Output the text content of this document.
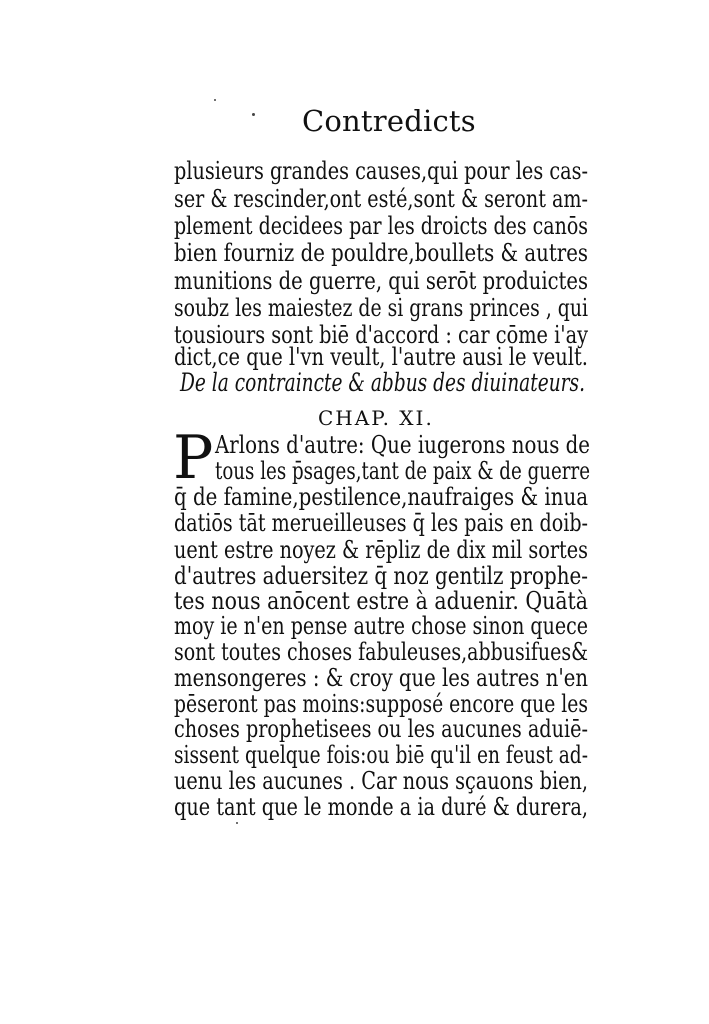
Contredicts
plusieurs grandes causes,qui pour les cas-
ser & rescinder,ont esté,sont & seront am-
plement decidees par les droicts des canōs
bien fourniz de pouldre,boullets & autres
munitions de guerre, qui serōt produictes
soubz les maiestez de si grans princes , qui
tousiours sont biē d'accord : car cōme i'ay
dict,ce que l'vn veult, l'autre ausi le veult.
De la contraincte & abbus des diuinateurs.
CHAP. XI.
P Arlons d'autre: Que iugerons nous de
tous les p̄sages,tant de paix & de guerre
q̄ de famine,pestilence,naufraiges & inua
datiōs tāt merueilleuses q̄ les pais en doib-
uent estre noyez & rēpliz de dix mil sortes
d'autres aduersitez q̄ noz gentilz prophe-
tes nous anōcent estre à aduenir. Quātà
moy ie n'en pense autre chose sinon quece
sont toutes choses fabuleuses,abbusifues&
mensongeres : & croy que les autres n'en
pēseront pas moins:supposé encore que les
choses prophetisees ou les aucunes aduiē-
sissent quelque fois:ou biē qu'il en feust ad-
uenu les aucunes . Car nous sçauons bien,
que tant que le monde a ia duré & durera,
